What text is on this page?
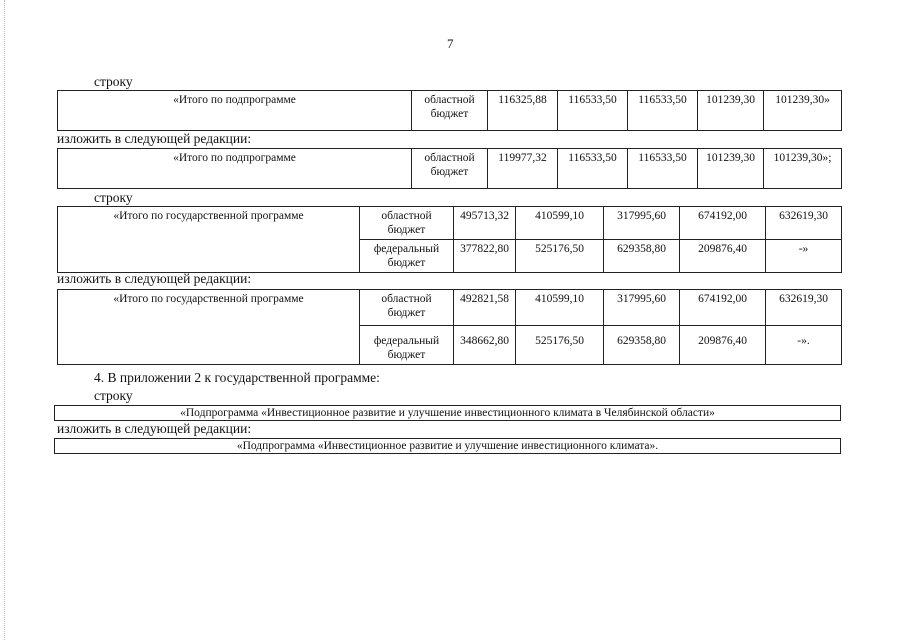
7
строку
«Итого по подпрограмме	областной бюджет	116325,88	116533,50	116533,50	101239,30	101239,30»
изложить в следующей редакции:
«Итого по подпрограмме	областной бюджет	119977,32	116533,50	116533,50	101239,30	101239,30»;
строку
«Итого по государственной программе	областной бюджет	495713,32	410599,10	317995,60	674192,00	632619,30
	федеральный бюджет	377822,80	525176,50	629358,80	209876,40	-»
изложить в следующей редакции:
«Итого по государственной программе	областной бюджет	492821,58	410599,10	317995,60	674192,00	632619,30
	федеральный бюджет	348662,80	525176,50	629358,80	209876,40	-».
4. В приложении 2 к государственной программе:
строку
«Подпрограмма «Инвестиционное развитие и улучшение инвестиционного климата в Челябинской области»
изложить в следующей редакции:
«Подпрограмма «Инвестиционное развитие и улучшение инвестиционного климата».
